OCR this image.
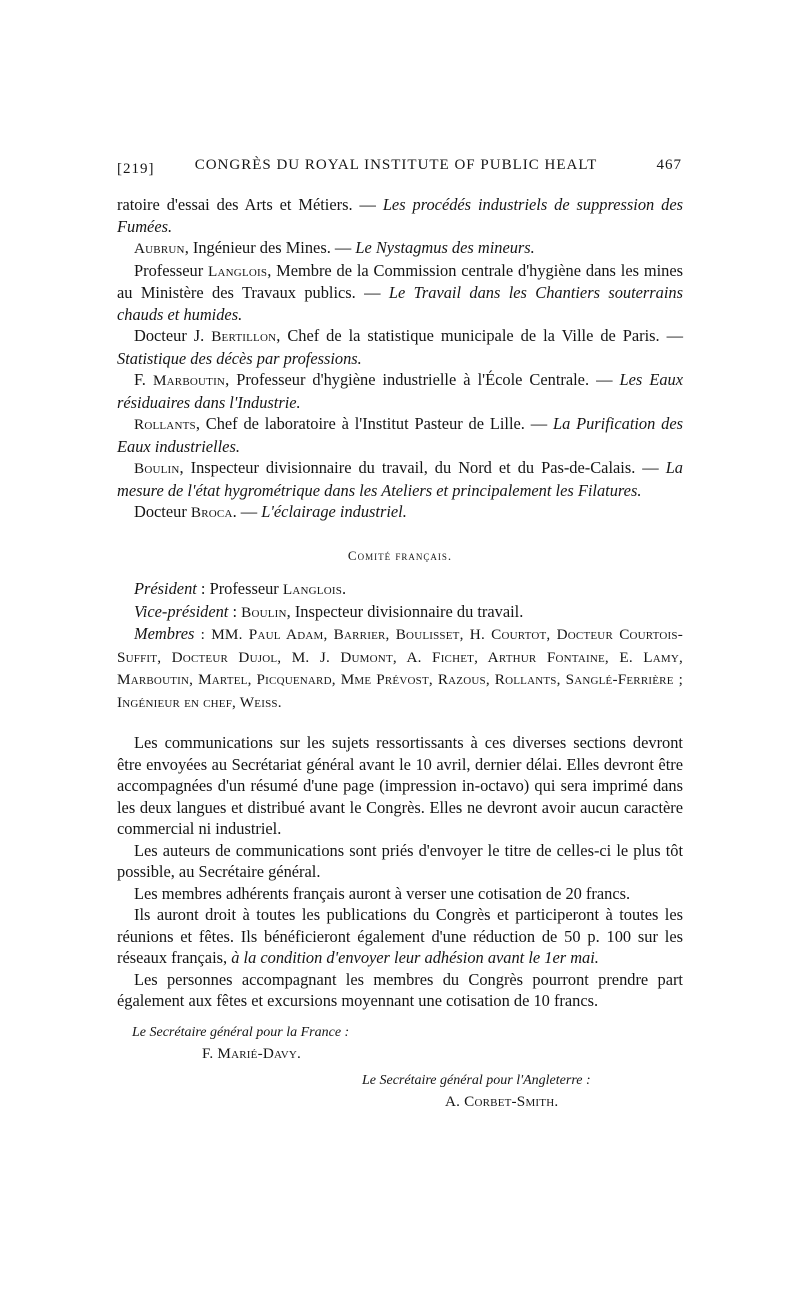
[219]	CONGRÈS DU ROYAL INSTITUTE OF PUBLIC HEALT	467

ratoire d'essai des Arts et Métiers. — Les procédés industriels de suppression des Fumées.

Aubrun, Ingénieur des Mines. — Le Nystagmus des mineurs.

Professeur Langlois, Membre de la Commission centrale d'hygiène dans les mines au Ministère des Travaux publics. — Le Travail dans les Chantiers souterrains chauds et humides.

Docteur J. Bertillon, Chef de la statistique municipale de la Ville de Paris. — Statistique des décès par professions.

F. Marboutin, Professeur d'hygiène industrielle à l'École Centrale. — Les Eaux résiduaires dans l'Industrie.

Rollants, Chef de laboratoire à l'Institut Pasteur de Lille. — La Purification des Eaux industrielles.

Boulin, Inspecteur divisionnaire du travail, du Nord et du Pas-de-Calais. — La mesure de l'état hygrométrique dans les Ateliers et principalement les Filatures.

Docteur Broca. — L'éclairage industriel.

Comité français.

Président : Professeur Langlois.

Vice-président : Boulin, Inspecteur divisionnaire du travail.

Membres : MM. Paul Adam, Barrier, Boulisset, H. Courtot, Docteur Courtois-Suffit, Docteur Dujol, M. J. Dumont, A. Fichet, Arthur Fontaine, E. Lamy, Marboutin, Martel, Picquenard, Mme Prévost, Razous, Rollants, Sanglé-Ferrière ; Ingénieur en chef, Weiss.

Les communications sur les sujets ressortissants à ces diverses sections devront être envoyées au Secrétariat général avant le 10 avril, dernier délai. Elles devront être accompagnées d'un résumé d'une page (impression in-octavo) qui sera imprimé dans les deux langues et distribué avant le Congrès. Elles ne devront avoir aucun caractère commercial ni industriel.

Les auteurs de communications sont priés d'envoyer le titre de celles-ci le plus tôt possible, au Secrétaire général.

Les membres adhérents français auront à verser une cotisation de 20 francs.

Ils auront droit à toutes les publications du Congrès et participeront à toutes les réunions et fêtes. Ils bénéficieront également d'une réduction de 50 p. 100 sur les réseaux français, à la condition d'envoyer leur adhésion avant le 1er mai.

Les personnes accompagnant les membres du Congrès pourront prendre part également aux fêtes et excursions moyennant une cotisation de 10 francs.

Le Secrétaire général pour la France :
F. Marié-Davy.
Le Secrétaire général pour l'Angleterre :
A. Corbet-Smith.
